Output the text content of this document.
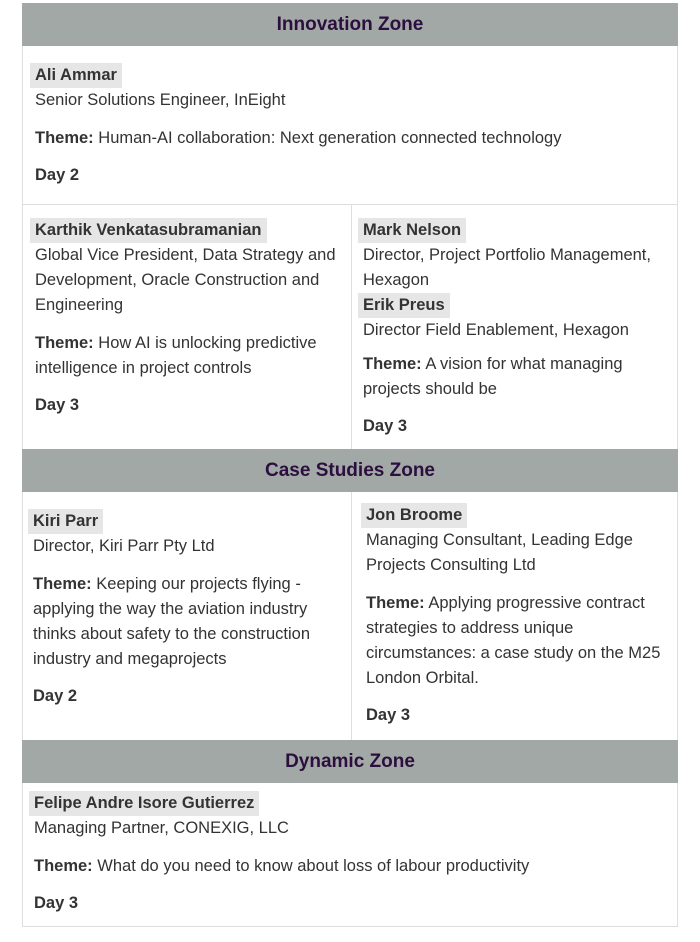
Innovation Zone
Ali Ammar
Senior Solutions Engineer, InEight
Theme: Human-AI collaboration: Next generation connected technology
Day 2
Karthik Venkatasubramanian
Global Vice President, Data Strategy and Development, Oracle Construction and Engineering
Theme: How AI is unlocking predictive intelligence in project controls
Day 3
Mark Nelson
Director, Project Portfolio Management, Hexagon
Erik Preus
Director Field Enablement, Hexagon
Theme: A vision for what managing projects should be
Day 3
Case Studies Zone
Kiri Parr
Director, Kiri Parr Pty Ltd
Theme: Keeping our projects flying - applying the way the aviation industry thinks about safety to the construction industry and megaprojects
Day 2
Jon Broome
Managing Consultant, Leading Edge Projects Consulting Ltd
Theme: Applying progressive contract strategies to address unique circumstances: a case study on the M25 London Orbital.
Day 3
Dynamic Zone
Felipe Andre Isore Gutierrez
Managing Partner, CONEXIG, LLC
Theme: What do you need to know about loss of labour productivity
Day 3
